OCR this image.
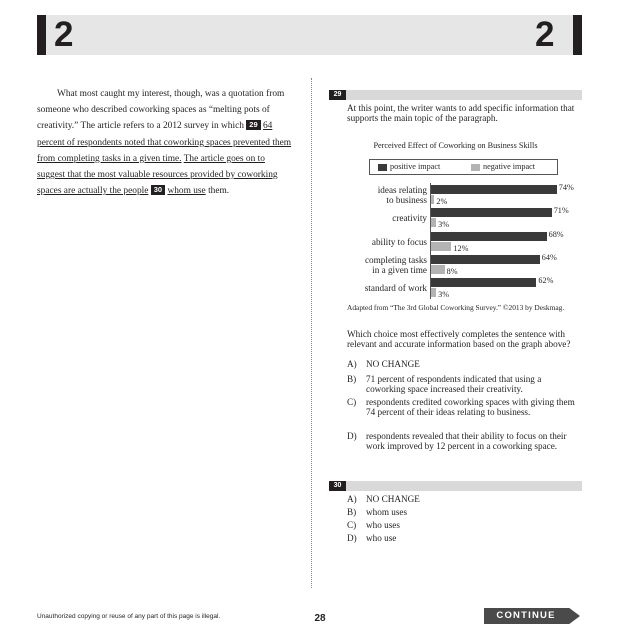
2	2
What most caught my interest, though, was a quotation from someone who described coworking spaces as “melting pots of creativity.” The article refers to a 2012 survey in which 29 64 percent of respondents noted that coworking spaces prevented them from completing tasks in a given time. The article goes on to suggest that the most valuable resources provided by coworking spaces are actually the people 30 whom use them.
29
At this point, the writer wants to add specific information that supports the main topic of the paragraph.
Perceived Effect of Coworking on Business Skills
positive impact	negative impact
ideas relating
to business
74%
2%
creativity
71%
3%
ability to focus
68%
12%
completing tasks
in a given time
64%
8%
standard of work
62%
3%
Adapted from “The 3rd Global Coworking Survey.” ©2013 by Deskmag.
Which choice most effectively completes the sentence with relevant and accurate information based on the graph above?
A) NO CHANGE
B) 71 percent of respondents indicated that using a coworking space increased their creativity.
C) respondents credited coworking spaces with giving them 74 percent of their ideas relating to business.
D) respondents revealed that their ability to focus on their work improved by 12 percent in a coworking space.
30
A) NO CHANGE
B) whom uses
C) who uses
D) who use
Unauthorized copying or reuse of any part of this page is illegal.	28	CONTINUE
